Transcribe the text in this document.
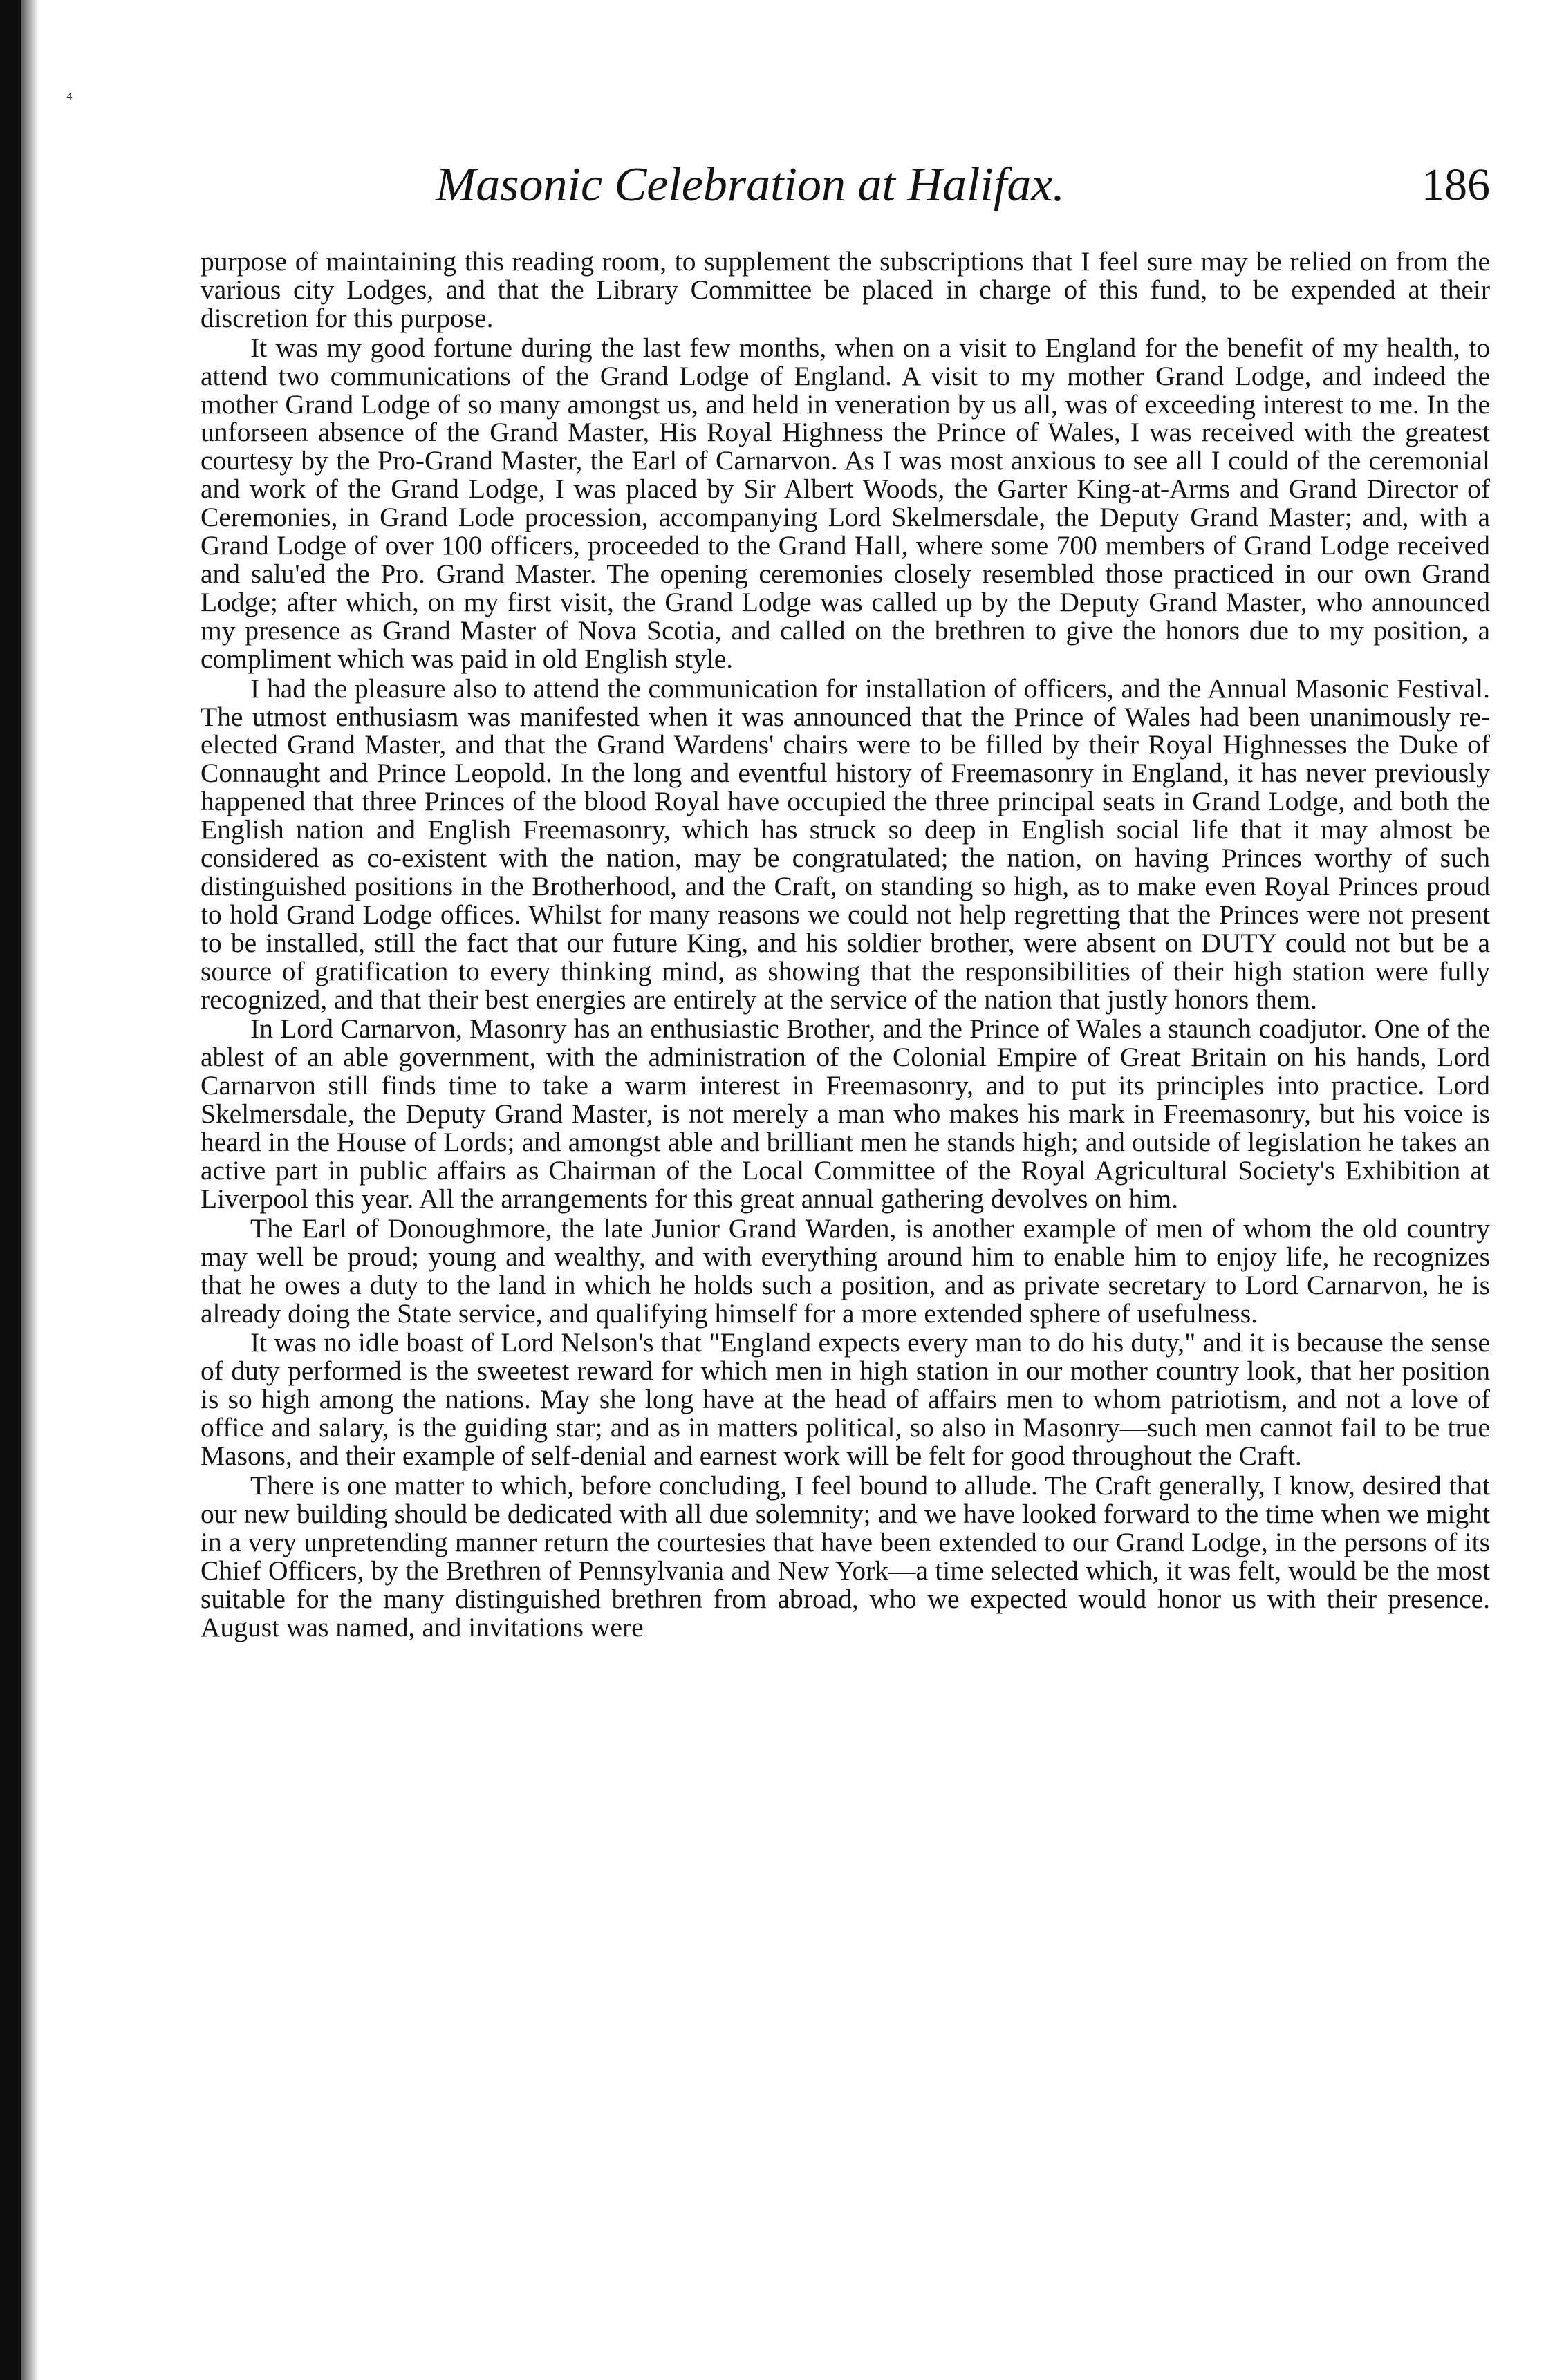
⁴
Masonic Celebration at Halifax.	186

purpose of maintaining this reading room, to supplement the subscriptions that I feel sure may be relied on from the various city Lodges, and that the Library Committee be placed in charge of this fund, to be expended at their discretion for this purpose.

It was my good fortune during the last few months, when on a visit to England for the benefit of my health, to attend two communications of the Grand Lodge of England. A visit to my mother Grand Lodge, and indeed the mother Grand Lodge of so many amongst us, and held in veneration by us all, was of exceeding interest to me. In the unforseen absence of the Grand Master, His Royal Highness the Prince of Wales, I was received with the greatest courtesy by the Pro-Grand Master, the Earl of Carnarvon. As I was most anxious to see all I could of the ceremonial and work of the Grand Lodge, I was placed by Sir Albert Woods, the Garter King-at-Arms and Grand Director of Ceremonies, in Grand Lode procession, accompanying Lord Skelmersdale, the Deputy Grand Master; and, with a Grand Lodge of over 100 officers, proceeded to the Grand Hall, where some 700 members of Grand Lodge received and salu'ed the Pro. Grand Master. The opening ceremonies closely resembled those practiced in our own Grand Lodge; after which, on my first visit, the Grand Lodge was called up by the Deputy Grand Master, who announced my presence as Grand Master of Nova Scotia, and called on the brethren to give the honors due to my position, a compliment which was paid in old English style.

I had the pleasure also to attend the communication for installation of officers, and the Annual Masonic Festival. The utmost enthusiasm was manifested when it was announced that the Prince of Wales had been unanimously re-elected Grand Master, and that the Grand Wardens' chairs were to be filled by their Royal Highnesses the Duke of Connaught and Prince Leopold. In the long and eventful history of Freemasonry in England, it has never previously happened that three Princes of the blood Royal have occupied the three principal seats in Grand Lodge, and both the English nation and English Freemasonry, which has struck so deep in English social life that it may almost be considered as co-existent with the nation, may be congratulated; the nation, on having Princes worthy of such distinguished positions in the Brotherhood, and the Craft, on standing so high, as to make even Royal Princes proud to hold Grand Lodge offices. Whilst for many reasons we could not help regretting that the Princes were not present to be installed, still the fact that our future King, and his soldier brother, were absent on DUTY could not but be a source of gratification to every thinking mind, as showing that the responsibilities of their high station were fully recognized, and that their best energies are entirely at the service of the nation that justly honors them.

In Lord Carnarvon, Masonry has an enthusiastic Brother, and the Prince of Wales a staunch coadjutor. One of the ablest of an able government, with the administration of the Colonial Empire of Great Britain on his hands, Lord Carnarvon still finds time to take a warm interest in Freemasonry, and to put its principles into practice. Lord Skelmersdale, the Deputy Grand Master, is not merely a man who makes his mark in Freemasonry, but his voice is heard in the House of Lords; and amongst able and brilliant men he stands high; and outside of legislation he takes an active part in public affairs as Chairman of the Local Committee of the Royal Agricultural Society's Exhibition at Liverpool this year. All the arrangements for this great annual gathering devolves on him.

The Earl of Donoughmore, the late Junior Grand Warden, is another example of men of whom the old country may well be proud; young and wealthy, and with everything around him to enable him to enjoy life, he recognizes that he owes a duty to the land in which he holds such a position, and as private secretary to Lord Carnarvon, he is already doing the State service, and qualifying himself for a more extended sphere of usefulness.

It was no idle boast of Lord Nelson's that "England expects every man to do his duty," and it is because the sense of duty performed is the sweetest reward for which men in high station in our mother country look, that her position is so high among the nations. May she long have at the head of affairs men to whom patriotism, and not a love of office and salary, is the guiding star; and as in matters political, so also in Masonry—such men cannot fail to be true Masons, and their example of self-denial and earnest work will be felt for good throughout the Craft.

There is one matter to which, before concluding, I feel bound to allude. The Craft generally, I know, desired that our new building should be dedicated with all due solemnity; and we have looked forward to the time when we might in a very unpretending manner return the courtesies that have been extended to our Grand Lodge, in the persons of its Chief Officers, by the Brethren of Pennsylvania and New York—a time selected which, it was felt, would be the most suitable for the many distinguished brethren from abroad, who we expected would honor us with their presence. August was named, and invitations were
